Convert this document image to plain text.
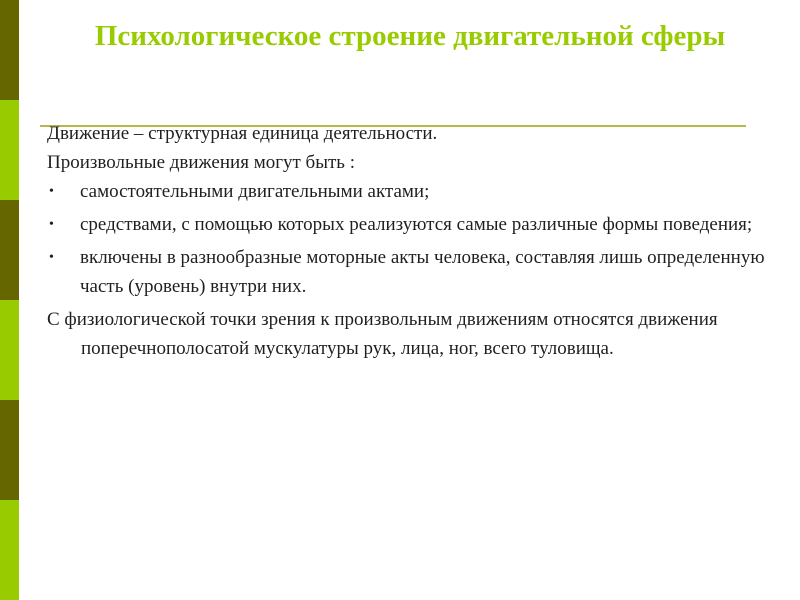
Психологическое строение двигательной сферы

Движение – структурная единица деятельности.

Произвольные движения могут быть :

• самостоятельными двигательными актами;
• средствами, с помощью которых реализуются самые различные формы поведения;
• включены в разнообразные моторные акты человека, составляя лишь определенную часть (уровень) внутри них.

С физиологической точки зрения к произвольным движениям относятся движения поперечнополосатой мускулатуры рук, лица, ног, всего туловища.
